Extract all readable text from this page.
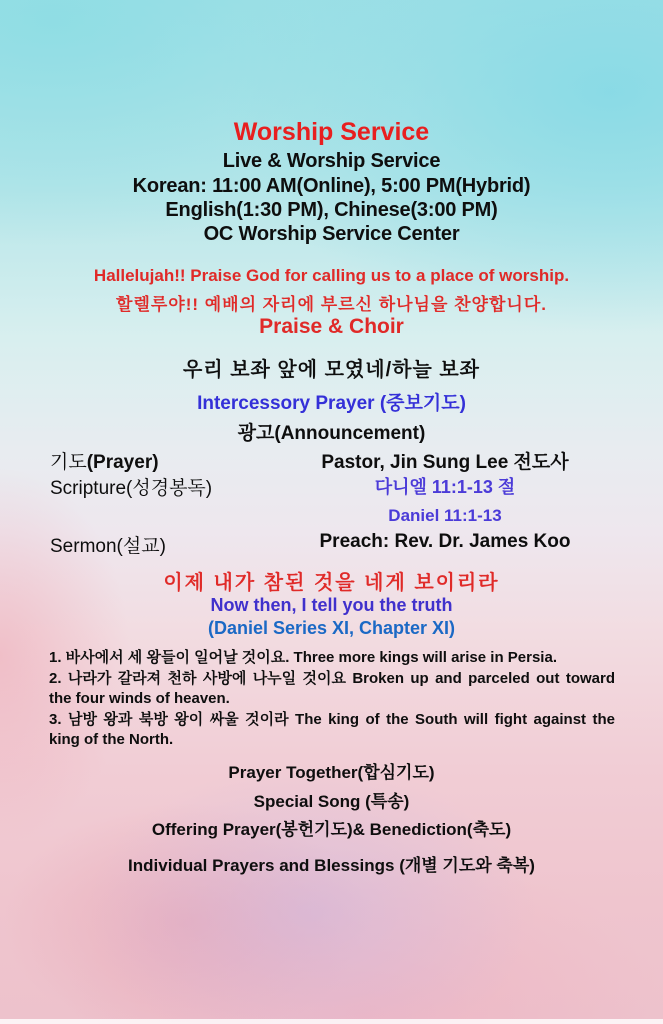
Worship Service
Live & Worship Service
Korean: 11:00 AM(Online), 5:00 PM(Hybrid)
English(1:30 PM), Chinese(3:00 PM)
OC Worship Service Center
Hallelujah!! Praise God for calling us to a place of worship.
할렐루야!! 예배의 자리에 부르신 하나님을 찬양합니다.
Praise & Choir
우리 보좌 앞에 모였네/하늘 보좌
Intercessory Prayer (중보기도)
광고(Announcement)
기도(Prayer)	Pastor, Jin Sung Lee 전도사
Scripture(성경봉독)	다니엘 11:1-13 절
Daniel 11:1-13
Sermon(설교)	Preach: Rev. Dr. James Koo
이제 내가 참된 것을 네게 보이리라
Now then, I tell you the truth
(Daniel Series XI, Chapter XI)

1. 바사에서 세 왕들이 일어날 것이요. Three more kings will arise in Persia.

2. 나라가 갈라져 천하 사방에 나누일 것이요 Broken up and parceled out toward the four winds of heaven.

3. 남방 왕과 북방 왕이 싸울 것이라 The king of the South will fight against the king of the North.

Prayer Together(합심기도)
Special Song (특송)
Offering Prayer(봉헌기도)& Benediction(축도)
Individual Prayers and Blessings (개별 기도와 축복)
